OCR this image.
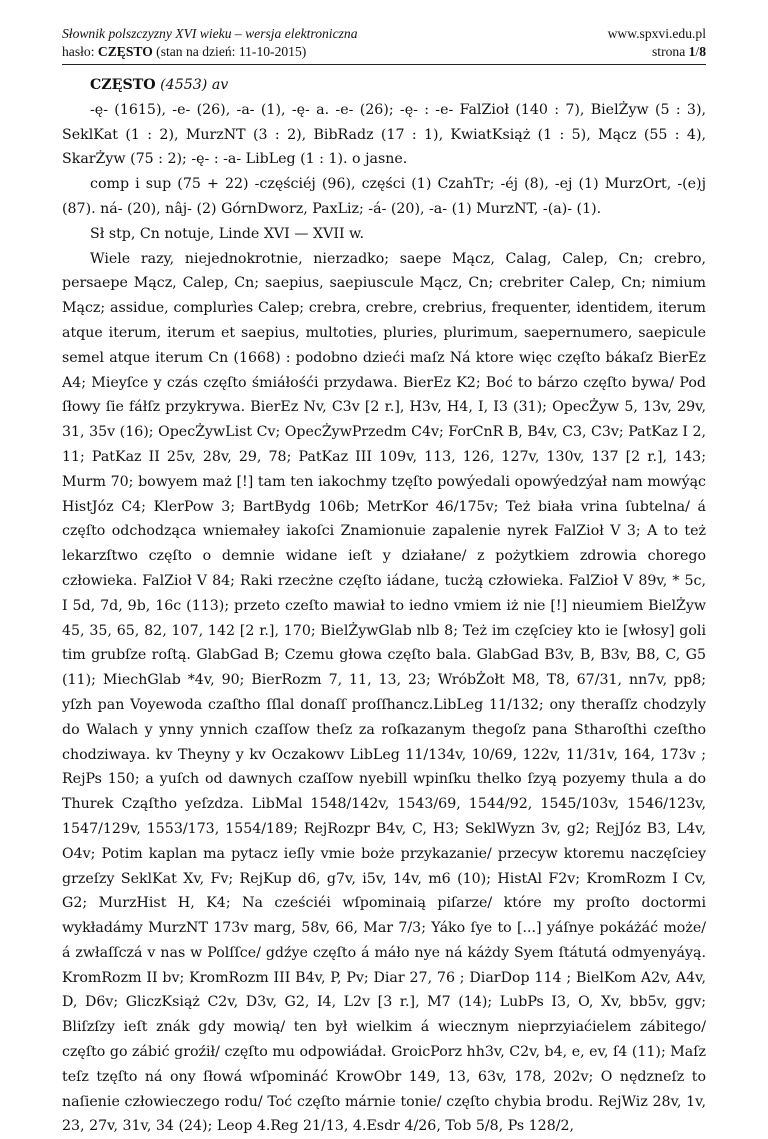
Słownik polszczyzny XVI wieku – wersja elektroniczna
hasło: CZĘSTO (stan na dzień: 11-10-2015)
www.spxvi.edu.pl
strona 1/8

CZĘSTO (4553) av

-ę- (1615), -e- (26), -a- (1), -ę- a. -e- (26); -ę- : -e- FalZioł (140 : 7), BielŻyw (5 : 3), SeklKat (1 : 2), MurzNT (3 : 2), BibRadz (17 : 1), KwiatKsiąż (1 : 5), Mącz (55 : 4), SkarŻyw (75 : 2); -ę- : -a- LibLeg (1 : 1). o jasne.

comp i sup (75 + 22) -częściéj (96), części (1) CzahTr; -éj (8), -ej (1) MurzOrt, -(e)j (87). ná- (20), nâj- (2) GórnDworz, PaxLiz; -á- (20), -a- (1) MurzNT, -(a)- (1).

Sł stp, Cn notuje, Linde XVI — XVII w.

Wiele razy, niejednokrotnie, nierzadko; saepe Mącz, Calag, Calep, Cn; crebro, persaepe Mącz, Calep, Cn; saepius, saepiuscule Mącz, Cn; crebriter Calep, Cn; nimium Mącz; assidue, complurìes Calep; crebra, crebre, crebrius, frequenter, identidem, iterum atque iterum, iterum et saepius, multoties, pluries, plurimum, saepernumero, saepicule semel atque iterum Cn (1668) : podobno dzieći maſz Ná ktore więc częſto bákaſz BierEz A4; Mieyſce y czás częſto śmiáłośći przydawa. BierEz K2; Boć to bárzo częſto bywa/ Pod ſłowy ſie fáłſz przykrywa. BierEz Nv, C3v [2 r.], H3v, H4, I, I3 (31); OpecŻyw 5, 13v, 29v, 31, 35v (16); OpecŻywList Cv; OpecŻywPrzedm C4v; ForCnR B, B4v, C3, C3v; PatKaz I 2, 11; PatKaz II 25v, 28v, 29, 78; PatKaz III 109v, 113, 126, 127v, 130v, 137 [2 r.], 143; Murm 70; bowyem maż [!] tam ten iakochmy tzęſto powýedali opowýedzýał nam mowýąc HistJóz C4; KlerPow 3; BartBydg 106b; MetrKor 46/175v; Też biała vrina ſubtelna/ á częſto odchodząca wniemałey iakoſci Znamionuie zapalenie nyrek FalZioł V 3; A to też lekarzſtwo częſto o demnie widane ieſt y działane/ z pożytkiem zdrowia chorego człowieka. FalZioł V 84; Raki rzecżne częſto iádane, tucżą człowieka. FalZioł V 89v, * 5c, I 5d, 7d, 9b, 16c (113); przeto czeſto mawiał to iedno vmiem iż nie [!] nieumiem BielŻyw 45, 35, 65, 82, 107, 142 [2 r.], 170; BielŻywGlab nlb 8; Też im częſciey kto ie [włosy] goli tim grubſze roſtą. GlabGad B; Czemu głowa częſto bala. GlabGad B3v, B, B3v, B8, C, G5 (11); MiechGlab *4v, 90; BierRozm 7, 11, 13, 23; WróbŻołt M8, T8, 67/31, nn7v, pp8; yſzh pan Voyewoda czaſtho ſſlal donaſſ proſſhancz.LibLeg 11/132; ony theraſſz chodzyly do Walach y ynny ynnich czaſſow theſz za roſkazanym thegoſz pana Stharoſthi czeſtho chodziwaya. kv Theyny y kv Oczakowv LibLeg 11/134v, 10/69, 122v, 11/31v, 164, 173v ; RejPs 150; a yuſch od dawnych czaſſow nyebill wpinſku thelko ſzyą pozyemy thula a do Thurek Cząſtho yeſzdza. LibMal 1548/142v, 1543/69, 1544/92, 1545/103v, 1546/123v, 1547/129v, 1553/173, 1554/189; RejRozpr B4v, C, H3; SeklWyzn 3v, g2; RejJóz B3, L4v, O4v; Potim kaplan ma pytacz ieſly vmie boże przykazanie/ przecyw ktoremu naczęſciey grzeſzy SeklKat Xv, Fv; RejKup d6, g7v, i5v, 14v, m6 (10); HistAl F2v; KromRozm I Cv, G2; MurzHist H, K4; Na cześciéi wſpominaią piſarze/ które my proſto doctormi wykładámy MurzNT 173v marg, 58v, 66, Mar 7/3; Yáko ſye to [...] yáſnye pokáżáć może/ á zwłaſſczá v nas w Polſſce/ gdźye częſto á máło nye ná káżdy Syem ſtátutá odmyenyáyą. KromRozm II bv; KromRozm III B4v, P, Pv; Diar 27, 76 ; DiarDop 114 ; BielKom A2v, A4v, D, D6v; GliczKsiąż C2v, D3v, G2, I4, L2v [3 r.], M7 (14); LubPs I3, O, Xv, bb5v, ggv; Bliſzſzy ieſt znák gdy mowią/ ten był wielkim á wiecznym nieprzyiaćielem zábitego/ częſto go zábić groźił/ częſto mu odpowiádał. GroicPorz hh3v, C2v, b4, e, ev, ſ4 (11); Maſz teſz tzęſto ná ony ſłowá wſpomináć KrowObr 149, 13, 63v, 178, 202v; O nędzneſz to naſienie człowieczego rodu/ Toć częſto márnie tonie/ częſto chybia brodu. RejWiz 28v, 1v, 23, 27v, 31v, 34 (24); Leop 4.Reg 21/13, 4.Esdr 4/26, Tob 5/8, Ps 128/2,
